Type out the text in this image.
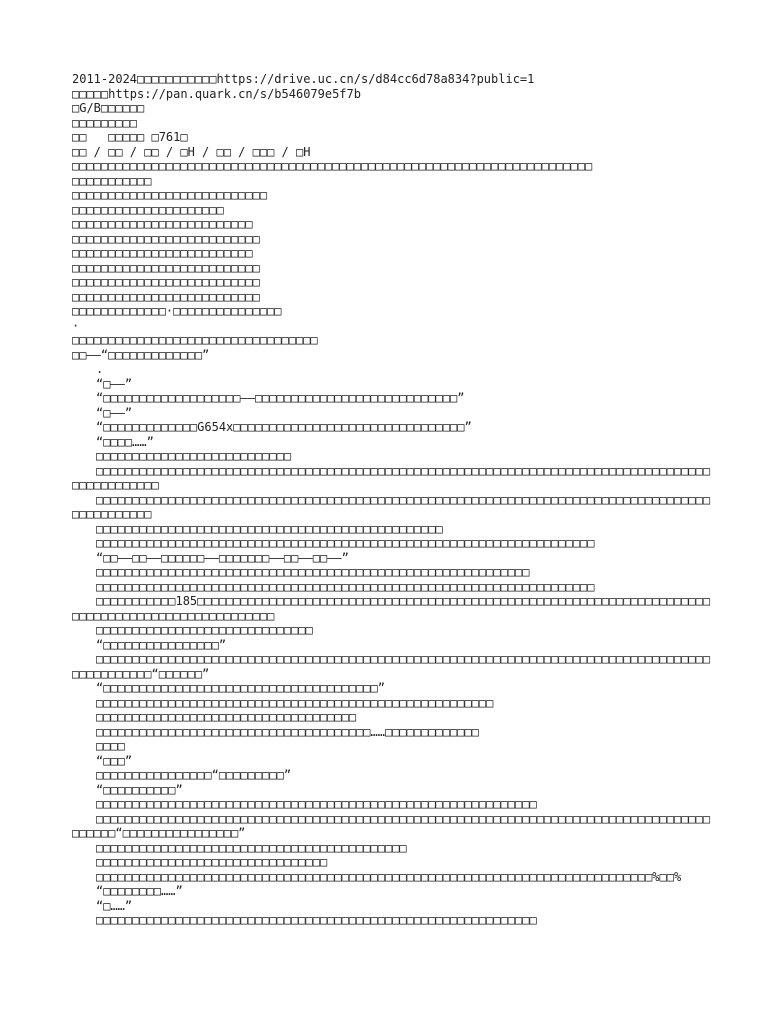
2011-2024□□□□□□□□□□□https://drive.uc.cn/s/d84cc6d78a834?public=1
□□□□□https://pan.quark.cn/s/b546079e5f7b
□G/B□□□□□□
□□□□□□□□□
□□   □□□□□ □761□
□□ / □□ / □□ / □H / □□ / □□□ / □H
□□□□□□□□□□□□□□□□□□□□□□□□□□□□□□□□□□□□□□□□□□□□□□□□□□□□□□□□□□□□□□□□□□□□□□□□
□□□□□□□□□□□
□□□□□□□□□□□□□□□□□□□□□□□□□□□
□□□□□□□□□□□□□□□□□□□□□
□□□□□□□□□□□□□□□□□□□□□□□□□
□□□□□□□□□□□□□□□□□□□□□□□□□□
□□□□□□□□□□□□□□□□□□□□□□□□□
□□□□□□□□□□□□□□□□□□□□□□□□□□
□□□□□□□□□□□□□□□□□□□□□□□□□□
□□□□□□□□□□□□□□□□□□□□□□□□□□
□□□□□□□□□□□□□·□□□□□□□□□□□□□□□
·
□□□□□□□□□□□□□□□□□□□□□□□□□□□□□□□□□□
□□——“□□□□□□□□□□□□□”
.
“□——”
“□□□□□□□□□□□□□□□□□□□——□□□□□□□□□□□□□□□□□□□□□□□□□□□□”
“□——”
“□□□□□□□□□□□□□G654x□□□□□□□□□□□□□□□□□□□□□□□□□□□□□□□□”
“□□□□……”
□□□□□□□□□□□□□□□□□□□□□□□□□□□
□□□□□□□□□□□□□□□□□□□□□□□□□□□□□□□□□□□□□□□□□□□□□□□□□□□□□□□□□□□□□□□□□□□□□□□□□□□□□□□□□□□□□□□□□□□□□□□□□
□□□□□□□□□□□□□□□□□□□□□□□□□□□□□□□□□□□□□□□□□□□□□□□□□□□□□□□□□□□□□□□□□□□□□□□□□□□□□□□□□□□□□□□□□□□□□□□□
□□□□□□□□□□□□□□□□□□□□□□□□□□□□□□□□□□□□□□□□□□□□□□□□
□□□□□□□□□□□□□□□□□□□□□□□□□□□□□□□□□□□□□□□□□□□□□□□□□□□□□□□□□□□□□□□□□□□□□
“□□——□□——□□□□□□——□□□□□□□——□□——□□——”
□□□□□□□□□□□□□□□□□□□□□□□□□□□□□□□□□□□□□□□□□□□□□□□□□□□□□□□□□□□□
□□□□□□□□□□□□□□□□□□□□□□□□□□□□□□□□□□□□□□□□□□□□□□□□□□□□□□□□□□□□□□□□□□□□□
□□□□□□□□□□□185□□□□□□□□□□□□□□□□□□□□□□□□□□□□□□□□□□□□□□□□□□□□□□□□□□□□□□□□□□□□□□□□□□□□□□□□□□□□□□□□□□□□□□□□□□□□□□□□□□□
□□□□□□□□□□□□□□□□□□□□□□□□□□□□□□
“□□□□□□□□□□□□□□□□”
□□□□□□□□□□□□□□□□□□□□□□□□□□□□□□□□□□□□□□□□□□□□□□□□□□□□□□□□□□□□□□□□□□□□□□□□□□□□□□□□□□□□□□□□□□□□□□□□“□□□□□□”
“□□□□□□□□□□□□□□□□□□□□□□□□□□□□□□□□□□□□□□”
□□□□□□□□□□□□□□□□□□□□□□□□□□□□□□□□□□□□□□□□□□□□□□□□□□□□□□□
□□□□□□□□□□□□□□□□□□□□□□□□□□□□□□□□□□□□
□□□□□□□□□□□□□□□□□□□□□□□□□□□□□□□□□□□□□□……□□□□□□□□□□□□□
□□□□
“□□□”
□□□□□□□□□□□□□□□□“□□□□□□□□□”
“□□□□□□□□□□”
□□□□□□□□□□□□□□□□□□□□□□□□□□□□□□□□□□□□□□□□□□□□□□□□□□□□□□□□□□□□□
□□□□□□□□□□□□□□□□□□□□□□□□□□□□□□□□□□□□□□□□□□□□□□□□□□□□□□□□□□□□□□□□□□□□□□□□□□□□□□□□□□□□□□□□□□□“□□□□□□□□□□□□□□□□”
□□□□□□□□□□□□□□□□□□□□□□□□□□□□□□□□□□□□□□□□□□□
□□□□□□□□□□□□□□□□□□□□□□□□□□□□□□□□
□□□□□□□□□□□□□□□□□□□□□□□□□□□□□□□□□□□□□□□□□□□□□□□□□□□□□□□□□□□□□□□□□□□□□□□□□□□□□%□□%
“□□□□□□□□……”
“□……”
□□□□□□□□□□□□□□□□□□□□□□□□□□□□□□□□□□□□□□□□□□□□□□□□□□□□□□□□□□□□□
